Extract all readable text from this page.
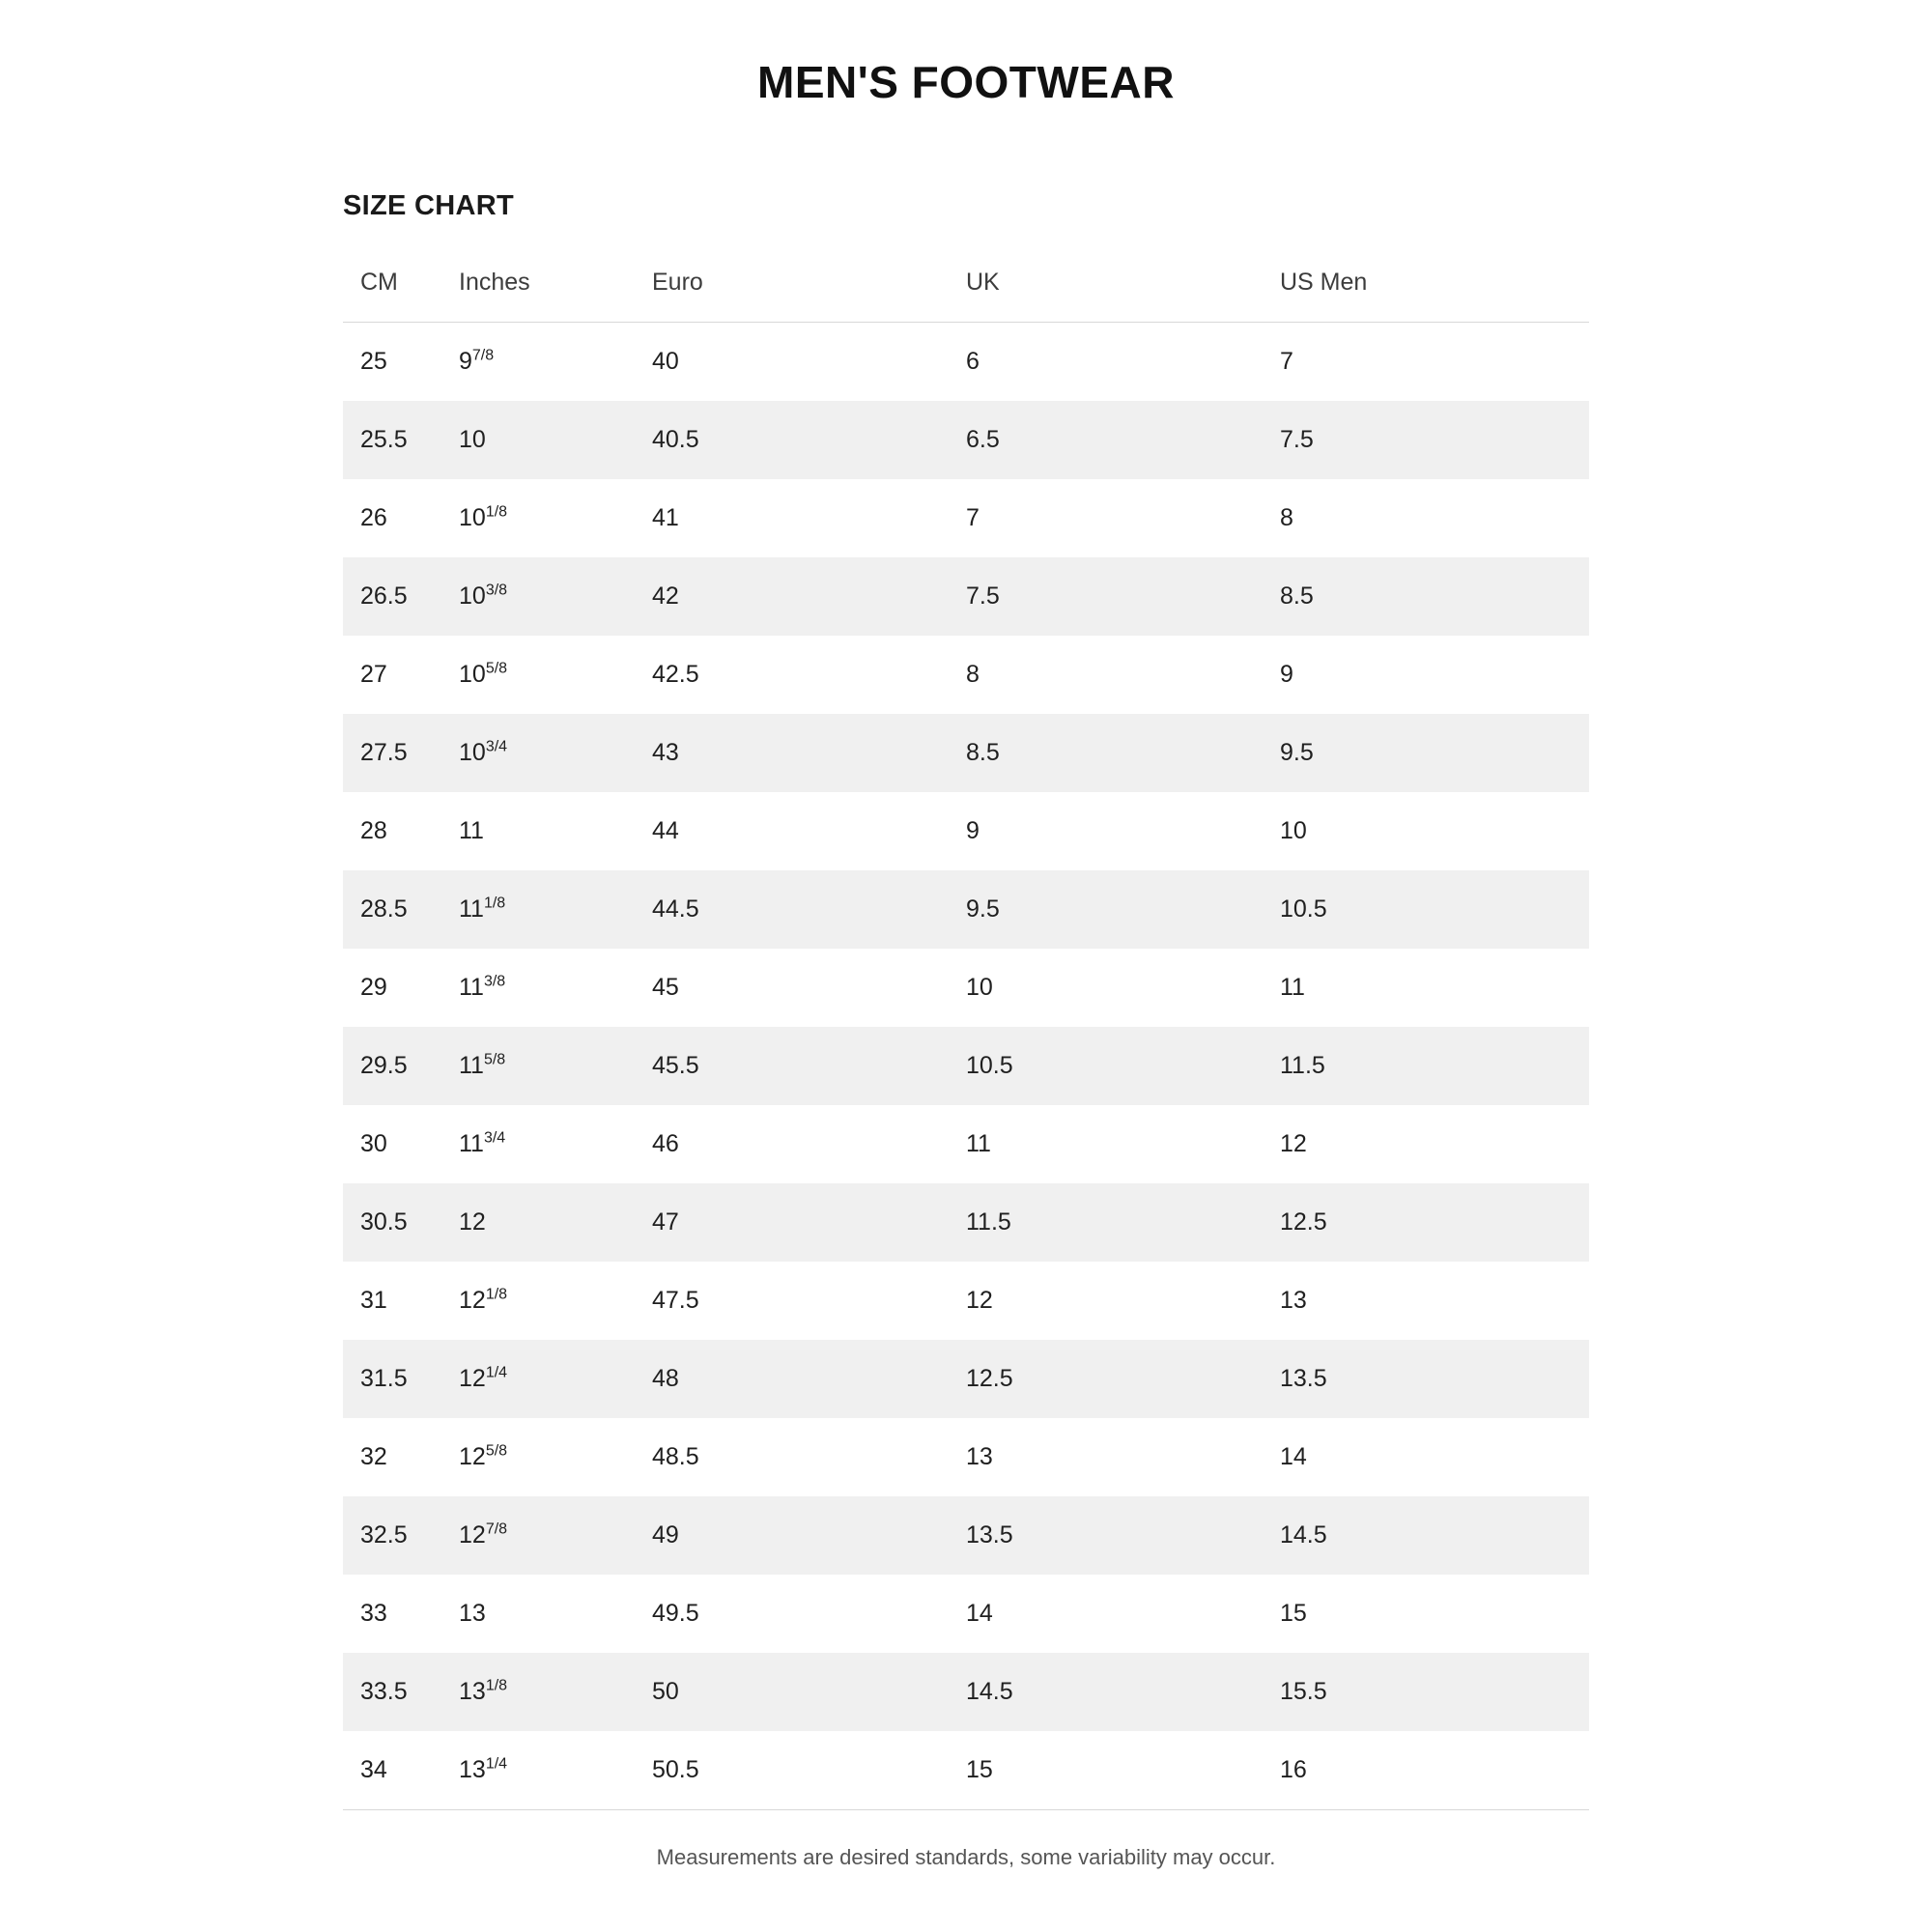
MEN'S FOOTWEAR
SIZE CHART
CM	Inches	Euro	UK	US Men
25	$9^{7/8}$	40	6	7
25.5	10	40.5	6.5	7.5
26	$10^{1/8}$	41	7	8
26.5	$10^{3/8}$	42	7.5	8.5
27	$10^{5/8}$	42.5	8	9
27.5	$10^{3/4}$	43	8.5	9.5
28	11	44	9	10
28.5	$11^{1/8}$	44.5	9.5	10.5
29	$11^{3/8}$	45	10	11
29.5	$11^{5/8}$	45.5	10.5	11.5
30	$11^{3/4}$	46	11	12
30.5	12	47	11.5	12.5
31	$12^{1/8}$	47.5	12	13
31.5	$12^{1/4}$	48	12.5	13.5
32	$12^{5/8}$	48.5	13	14
32.5	$12^{7/8}$	49	13.5	14.5
33	13	49.5	14	15
33.5	$13^{1/8}$	50	14.5	15.5
34	$13^{1/4}$	50.5	15	16
Measurements are desired standards, some variability may occur.
